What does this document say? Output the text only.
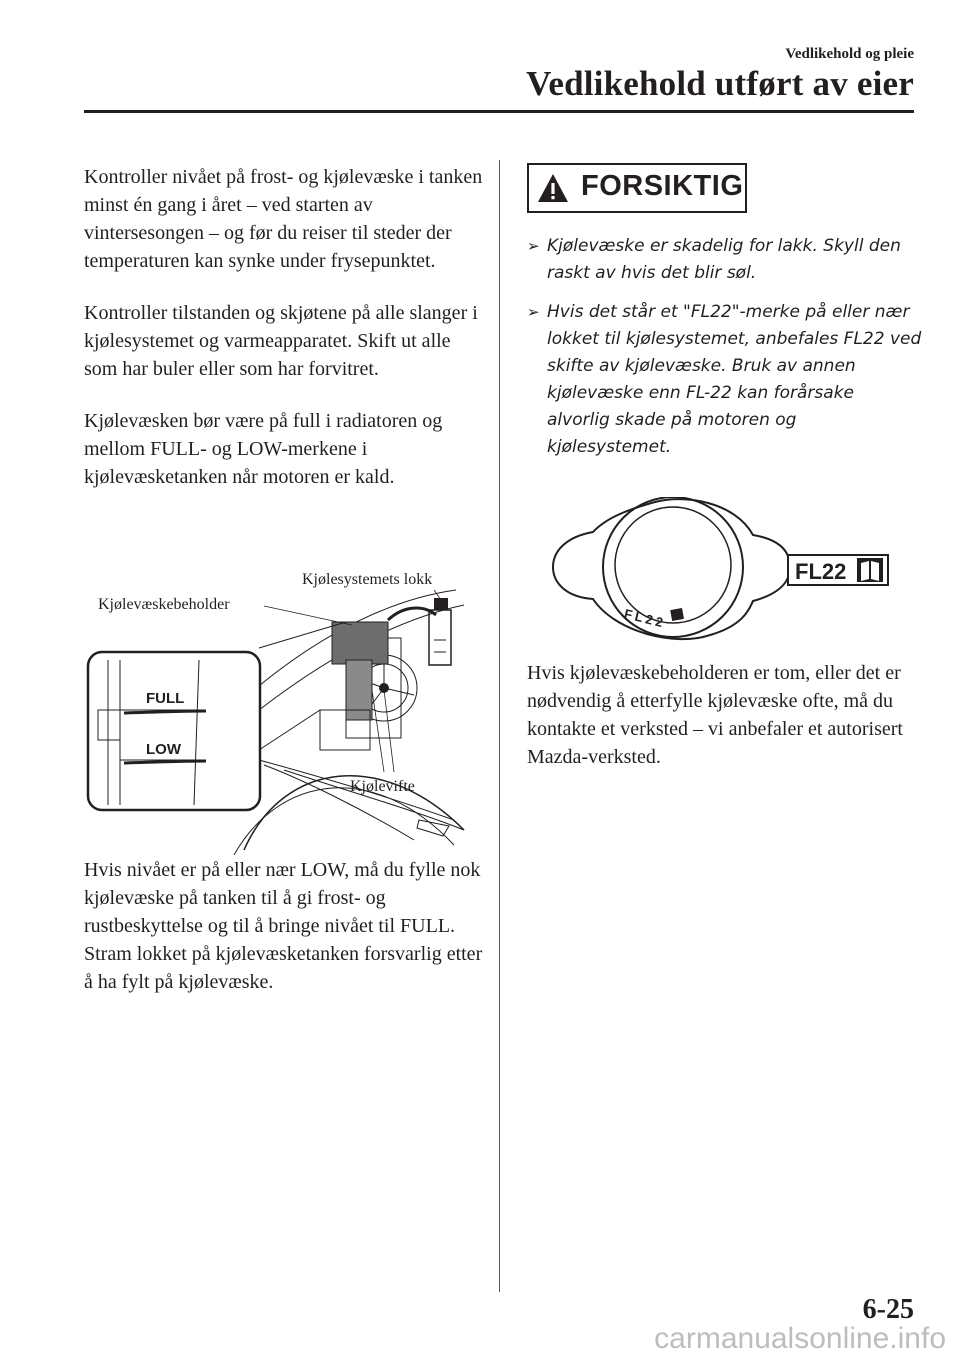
Vedlikehold og pleie
Vedlikehold utført av eier

Kontroller nivået på frost- og kjølevæske i tanken minst én gang i året – ved starten av vintersesongen – og før du reiser til steder der temperaturen kan synke under frysepunktet.

Kontroller tilstanden og skjøtene på alle slanger i kjølesystemet og varmeapparatet. Skift ut alle som har buler eller som har forvitret.

Kjølevæsken bør være på full i radiatoren og mellom FULL- og LOW-merkene i kjølevæsketanken når motoren er kald.

FULL
LOW
Kjølesystemets lokk
Kjølevæskebeholder
Kjølevifte
Hvis nivået er på eller nær LOW, må du fylle nok kjølevæske på tanken til å gi frost- og rustbeskyttelse og til å bringe nivået til FULL.
Stram lokket på kjølevæsketanken forsvarlig etter å ha fylt på kjølevæske.
FORSIKTIG
➢ Kjølevæske er skadelig for lakk. Skyll den raskt av hvis det blir søl.
➢ Hvis det står et "FL22"-merke på eller nær lokket til kjølesystemet, anbefales FL22 ved skifte av kjølevæske. Bruk av annen kjølevæske enn FL-22 kan forårsake alvorlig skade på motoren og kjølesystemet.
FL22
FL22
Hvis kjølevæskebeholderen er tom, eller det er nødvendig å etterfylle kjølevæske ofte, må du kontakte et verksted – vi anbefaler et autorisert Mazda-verksted.
6-25
carmanualsonline.info
